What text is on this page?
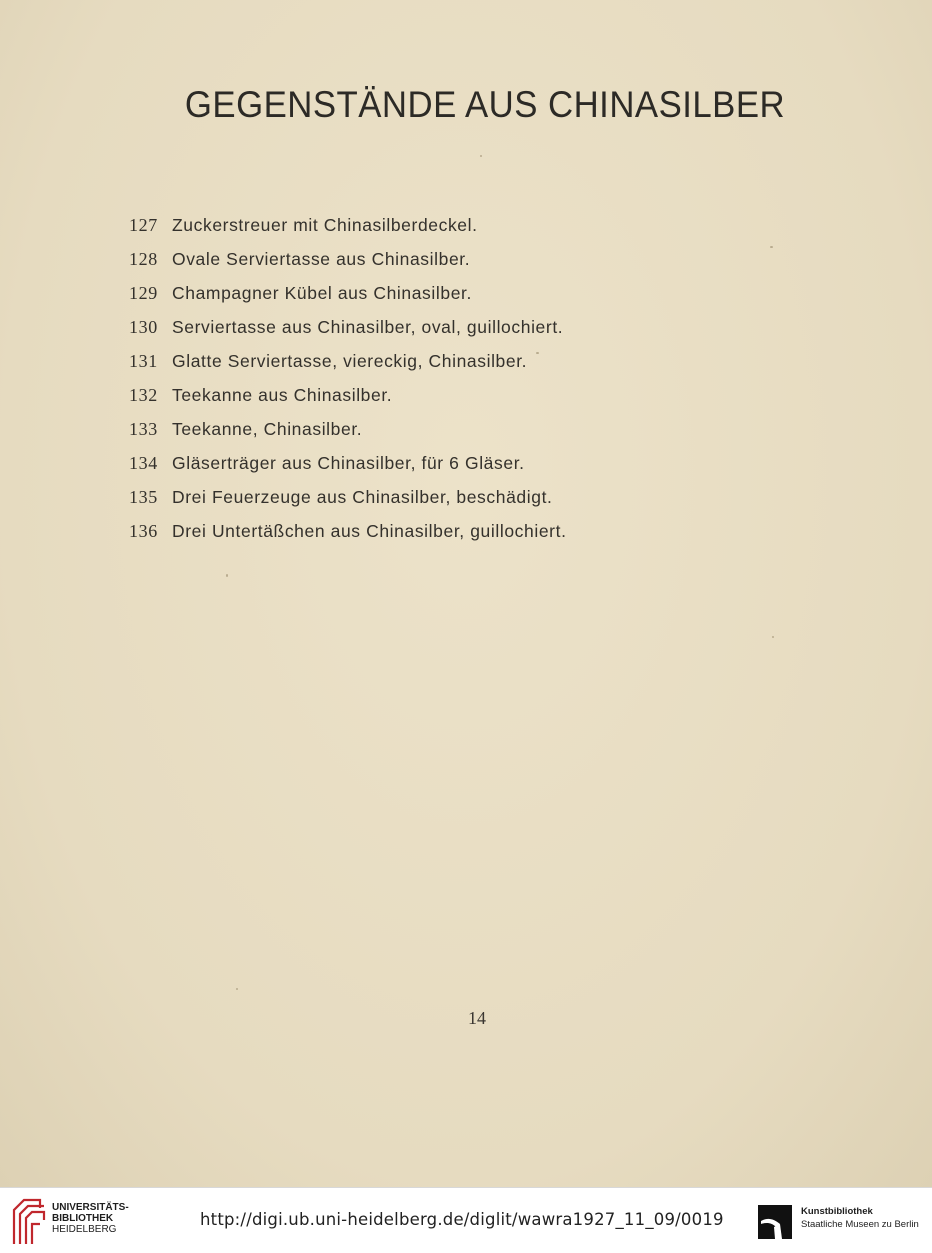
GEGENSTÄNDE AUS CHINASILBER
127 Zuckerstreuer mit Chinasilberdeckel.
128 Ovale Serviertasse aus Chinasilber.
129 Champagner Kübel aus Chinasilber.
130 Serviertasse aus Chinasilber, oval, guillochiert.
131 Glatte Serviertasse, viereckig, Chinasilber.
132 Teekanne aus Chinasilber.
133 Teekanne, Chinasilber.
134 Gläserträger aus Chinasilber, für 6 Gläser.
135 Drei Feuerzeuge aus Chinasilber, beschädigt.
136 Drei Untertäßchen aus Chinasilber, guillochiert.
14
UNIVERSITÄTS-
BIBLIOTHEK
HEIDELBERG
http://digi.ub.uni-heidelberg.de/diglit/wawra1927_11_09/0019	Kunstbibliothek
Staatliche Museen zu Berlin
